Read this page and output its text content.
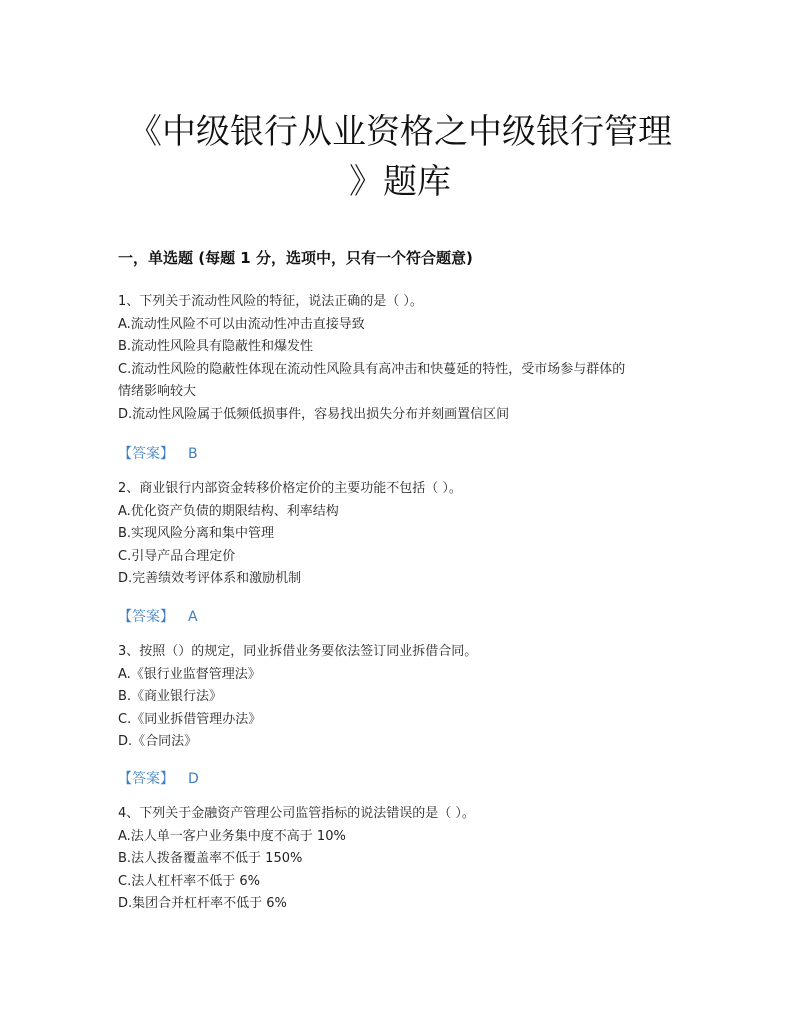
《中级银行从业资格之中级银行管理
》题库
一，单选题 (每题 1 分，选项中，只有一个符合题意)
1、下列关于流动性风险的特征，说法正确的是（ ）。
A.流动性风险不可以由流动性冲击直接导致
B.流动性风险具有隐蔽性和爆发性
C.流动性风险的隐蔽性体现在流动性风险具有高冲击和快蔓延的特性，受市场参与群体的
情绪影响较大
D.流动性风险属于低频低损事件，容易找出损失分布并刻画置信区间
【答案】 B
2、商业银行内部资金转移价格定价的主要功能不包括（ ）。
A.优化资产负债的期限结构、利率结构
B.实现风险分离和集中管理
C.引导产品合理定价
D.完善绩效考评体系和激励机制
【答案】 A
3、按照（）的规定，同业拆借业务要依法签订同业拆借合同。
A.《银行业监督管理法》
B.《商业银行法》
C.《同业拆借管理办法》
D.《合同法》
【答案】 D
4、下列关于金融资产管理公司监管指标的说法错误的是（ ）。
A.法人单一客户业务集中度不高于 10%
B.法人拨备覆盖率不低于 150%
C.法人杠杆率不低于 6%
D.集团合并杠杆率不低于 6%
